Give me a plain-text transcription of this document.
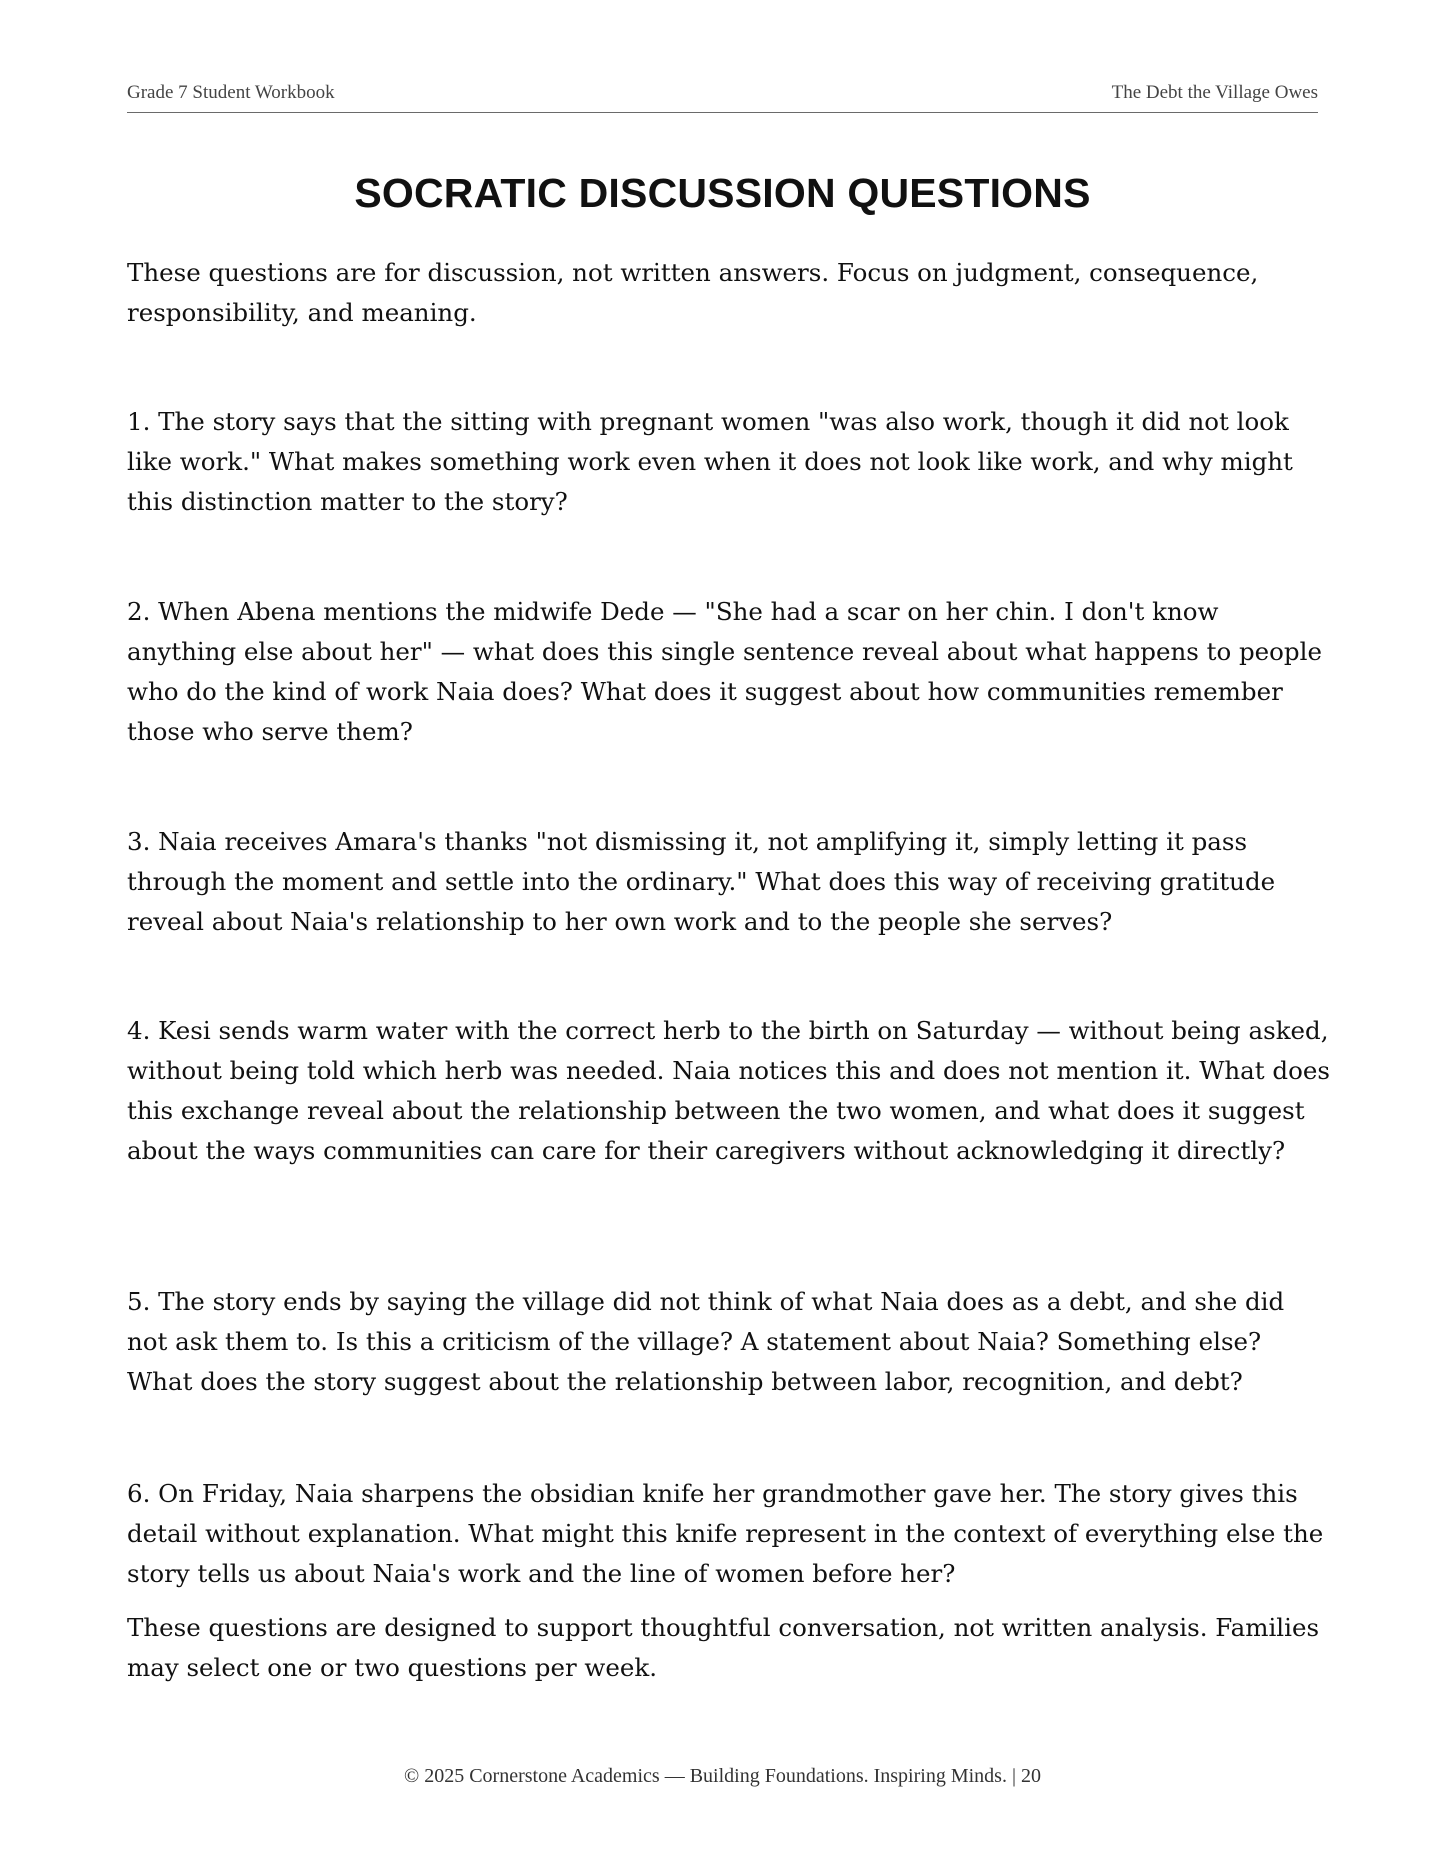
Grade 7 Student Workbook	The Debt the Village Owes
SOCRATIC DISCUSSION QUESTIONS

These questions are for discussion, not written answers. Focus on judgment, consequence, responsibility, and meaning.

1. The story says that the sitting with pregnant women "was also work, though it did not look like work." What makes something work even when it does not look like work, and why might this distinction matter to the story?

2. When Abena mentions the midwife Dede — "She had a scar on her chin. I don't know anything else about her" — what does this single sentence reveal about what happens to people who do the kind of work Naia does? What does it suggest about how communities remember those who serve them?

3. Naia receives Amara's thanks "not dismissing it, not amplifying it, simply letting it pass through the moment and settle into the ordinary." What does this way of receiving gratitude reveal about Naia's relationship to her own work and to the people she serves?

4. Kesi sends warm water with the correct herb to the birth on Saturday — without being asked, without being told which herb was needed. Naia notices this and does not mention it. What does this exchange reveal about the relationship between the two women, and what does it suggest about the ways communities can care for their caregivers without acknowledging it directly?

5. The story ends by saying the village did not think of what Naia does as a debt, and she did not ask them to. Is this a criticism of the village? A statement about Naia? Something else? What does the story suggest about the relationship between labor, recognition, and debt?

6. On Friday, Naia sharpens the obsidian knife her grandmother gave her. The story gives this detail without explanation. What might this knife represent in the context of everything else the story tells us about Naia's work and the line of women before her?

These questions are designed to support thoughtful conversation, not written analysis. Families may select one or two questions per week.

© 2025 Cornerstone Academics — Building Foundations. Inspiring Minds. | 20
